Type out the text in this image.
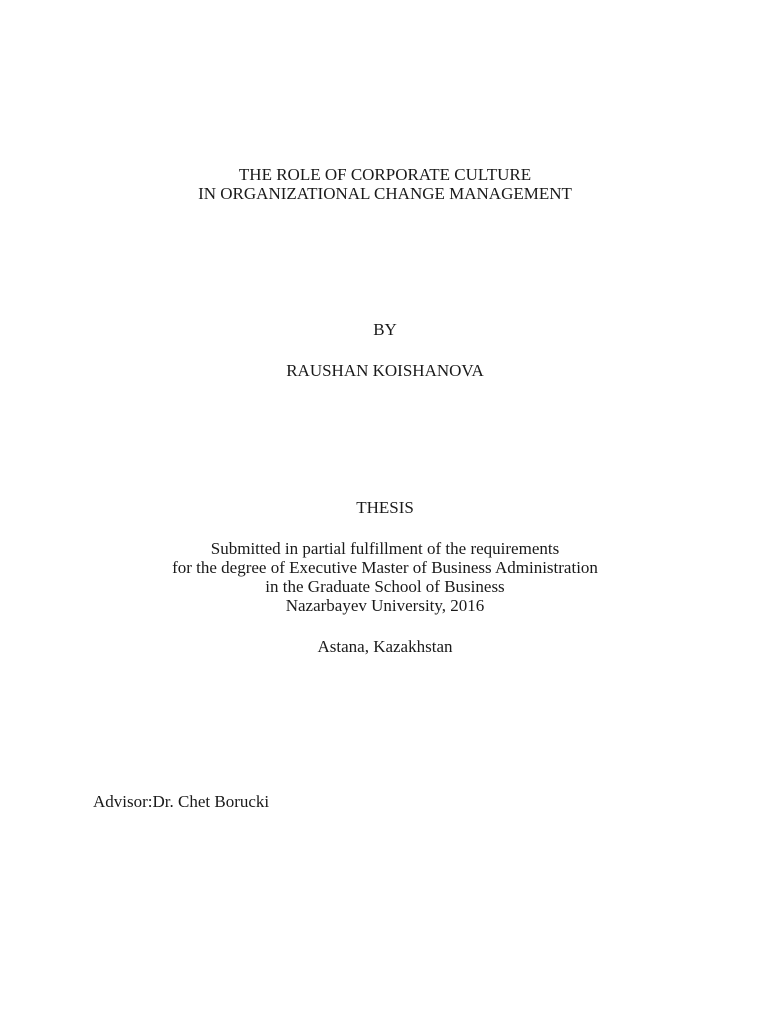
THE ROLE OF CORPORATE CULTURE
IN ORGANIZATIONAL CHANGE MANAGEMENT
BY
RAUSHAN KOISHANOVA
THESIS
Submitted in partial fulfillment of the requirements
for the degree of Executive Master of Business Administration
in the Graduate School of Business
Nazarbayev University, 2016
Astana, Kazakhstan
Advisor:Dr. Chet Borucki
